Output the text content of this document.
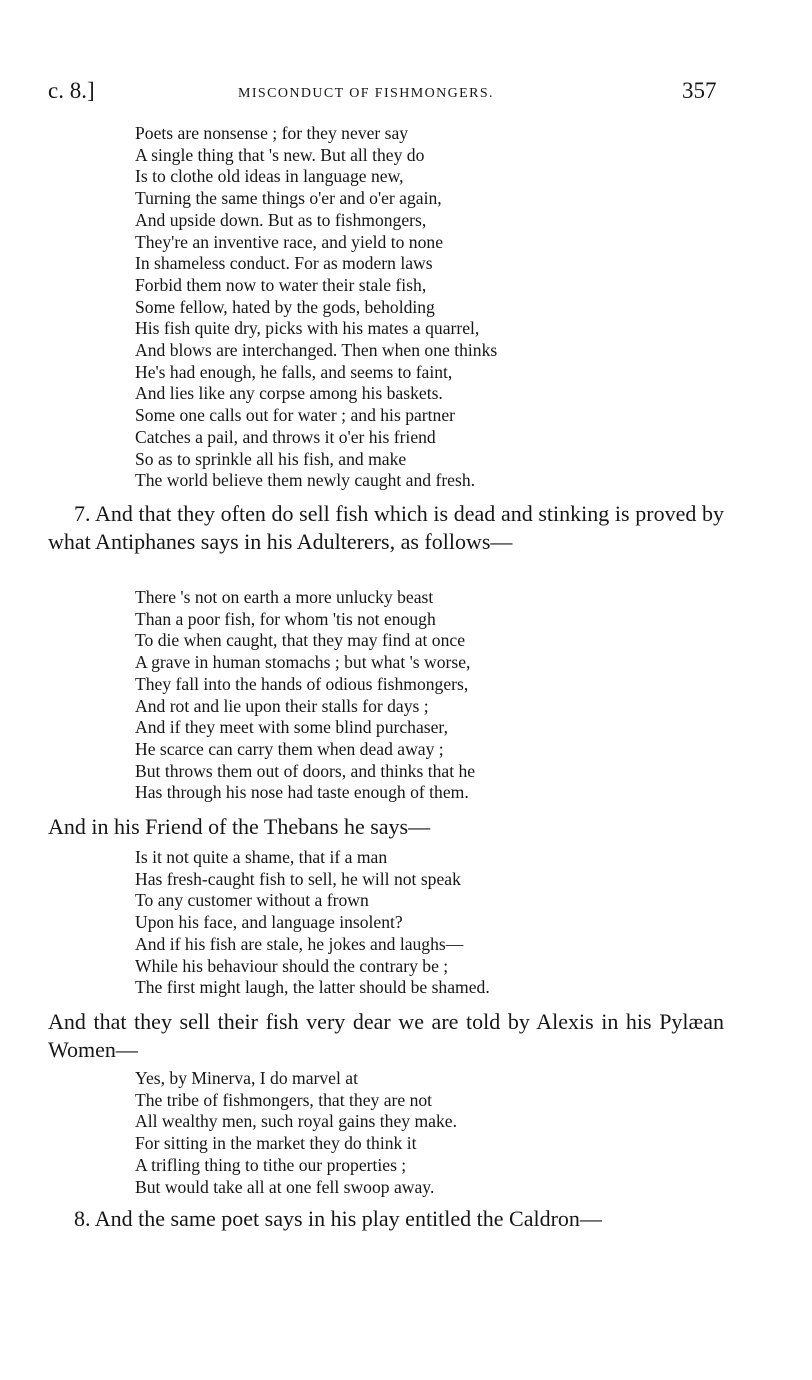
c. 8.]	MISCONDUCT OF FISHMONGERS.	357
Poets are nonsense ; for they never say
A single thing that 's new. But all they do
Is to clothe old ideas in language new,
Turning the same things o'er and o'er again,
And upside down. But as to fishmongers,
They're an inventive race, and yield to none
In shameless conduct. For as modern laws
Forbid them now to water their stale fish,
Some fellow, hated by the gods, beholding
His fish quite dry, picks with his mates a quarrel,
And blows are interchanged. Then when one thinks
He's had enough, he falls, and seems to faint,
And lies like any corpse among his baskets.
Some one calls out for water ; and his partner
Catches a pail, and throws it o'er his friend
So as to sprinkle all his fish, and make
The world believe them newly caught and fresh.

7. And that they often do sell fish which is dead and stinking is proved by what Antiphanes says in his Adulterers, as follows—

There 's not on earth a more unlucky beast
Than a poor fish, for whom 'tis not enough
To die when caught, that they may find at once
A grave in human stomachs ; but what 's worse,
They fall into the hands of odious fishmongers,
And rot and lie upon their stalls for days ;
And if they meet with some blind purchaser,
He scarce can carry them when dead away ;
But throws them out of doors, and thinks that he
Has through his nose had taste enough of them.

And in his Friend of the Thebans he says—

Is it not quite a shame, that if a man
Has fresh-caught fish to sell, he will not speak
To any customer without a frown
Upon his face, and language insolent?
And if his fish are stale, he jokes and laughs—
While his behaviour should the contrary be ;
The first might laugh, the latter should be shamed.

And that they sell their fish very dear we are told by Alexis in his Pylæan Women—

Yes, by Minerva, I do marvel at
The tribe of fishmongers, that they are not
All wealthy men, such royal gains they make.
For sitting in the market they do think it
A trifling thing to tithe our properties ;
But would take all at one fell swoop away.

8. And the same poet says in his play entitled the Caldron—
